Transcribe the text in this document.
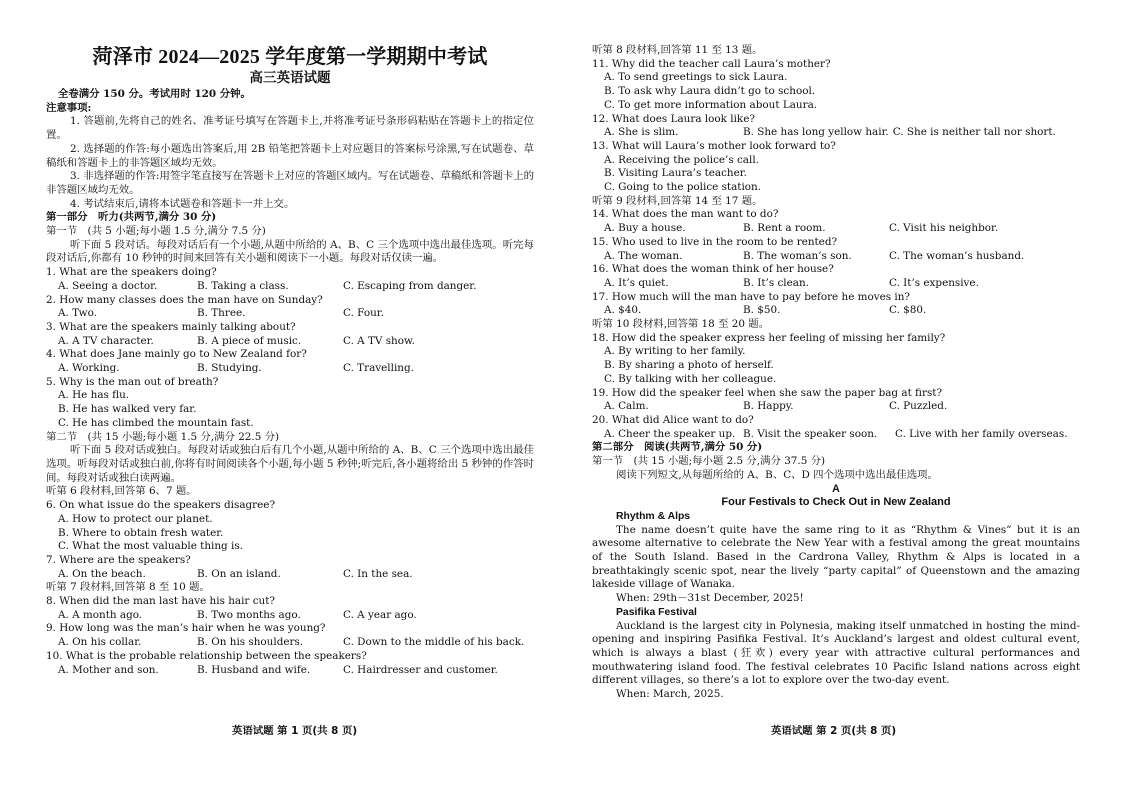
菏泽市 2024—2025 学年度第一学期期中考试
高三英语试题

全卷满分 150 分。考试用时 120 分钟。

注意事项:

1. 答题前,先将自己的姓名、准考证号填写在答题卡上,并将准考证号条形码粘贴在答题卡上的指定位置。

2. 选择题的作答:每小题选出答案后,用 2B 铅笔把答题卡上对应题目的答案标号涂黑,写在试题卷、草稿纸和答题卡上的非答题区域均无效。

3. 非选择题的作答:用签字笔直接写在答题卡上对应的答题区域内。写在试题卷、草稿纸和答题卡上的非答题区域均无效。

4. 考试结束后,请将本试题卷和答题卡一并上交。

第一部分　听力(共两节,满分 30 分)

第一节　(共 5 小题;每小题 1.5 分,满分 7.5 分)

听下面 5 段对话。每段对话后有一个小题,从题中所给的 A、B、C 三个选项中选出最佳选项。听完每段对话后,你都有 10 秒钟的时间来回答有关小题和阅读下一小题。每段对话仅读一遍。

1. What are the speakers doing?

A. Seeing a doctor.	B. Taking a class.	C. Escaping from danger.

2. How many classes does the man have on Sunday?

A. Two.	B. Three.	C. Four.

3. What are the speakers mainly talking about?

A. A TV character.	B. A piece of music.	C. A TV show.

4. What does Jane mainly go to New Zealand for?

A. Working.	B. Studying.	C. Travelling.

5. Why is the man out of breath?

A. He has flu.

B. He has walked very far.

C. He has climbed the mountain fast.

第二节　(共 15 小题;每小题 1.5 分,满分 22.5 分)

听下面 5 段对话或独白。每段对话或独白后有几个小题,从题中所给的 A、B、C 三个选项中选出最佳选项。听每段对话或独白前,你将有时间阅读各个小题,每小题 5 秒钟;听完后,各小题将给出 5 秒钟的作答时间。每段对话或独白读两遍。

听第 6 段材料,回答第 6、7 题。

6. On what issue do the speakers disagree?

A. How to protect our planet.

B. Where to obtain fresh water.

C. What the most valuable thing is.

7. Where are the speakers?

A. On the beach.	B. On an island.	C. In the sea.

听第 7 段材料,回答第 8 至 10 题。

8. When did the man last have his hair cut?

A. A month ago.	B. Two months ago.	C. A year ago.

9. How long was the man’s hair when he was young?

A. On his collar.	B. On his shoulders.	C. Down to the middle of his back.

10. What is the probable relationship between the speakers?

A. Mother and son.	B. Husband and wife.	C. Hairdresser and customer.

听第 8 段材料,回答第 11 至 13 题。

11. Why did the teacher call Laura’s mother?

A. To send greetings to sick Laura.

B. To ask why Laura didn’t go to school.

C. To get more information about Laura.

12. What does Laura look like?

A. She is slim.	B. She has long yellow hair. C. She is neither tall nor short.

13. What will Laura’s mother look forward to?

A. Receiving the police’s call.

B. Visiting Laura’s teacher.

C. Going to the police station.

听第 9 段材料,回答第 14 至 17 题。

14. What does the man want to do?

A. Buy a house.	B. Rent a room.	C. Visit his neighbor.

15. Who used to live in the room to be rented?

A. The woman.	B. The woman’s son.	C. The woman’s husband.

16. What does the woman think of her house?

A. It’s quiet.	B. It’s clean.	C. It’s expensive.

17. How much will the man have to pay before he moves in?

A. $40.	B. $50.	C. $80.

听第 10 段材料,回答第 18 至 20 题。

18. How did the speaker express her feeling of missing her family?

A. By writing to her family.

B. By sharing a photo of herself.

C. By talking with her colleague.

19. How did the speaker feel when she saw the paper bag at first?

A. Calm.	B. Happy.	C. Puzzled.

20. What did Alice want to do?

A. Cheer the speaker up. B. Visit the speaker soon.	C. Live with her family overseas.

第二部分　阅读(共两节,满分 50 分)

第一节　(共 15 小题;每小题 2.5 分,满分 37.5 分)

阅读下列短文,从每题所给的 A、B、C、D 四个选项中选出最佳选项。

A

Four Festivals to Check Out in New Zealand

Rhythm & Alps

The name doesn’t quite have the same ring to it as “Rhythm & Vines” but it is an awesome alternative to celebrate the New Year with a festival among the great mountains of the South Island. Based in the Cardrona Valley, Rhythm & Alps is located in a breathtakingly scenic spot, near the lively “party capital” of Queenstown and the amazing lakeside village of Wanaka.

When: 29th－31st December, 2025!

Pasifika Festival

Auckland is the largest city in Polynesia, making itself unmatched in hosting the mind-opening and inspiring Pasifika Festival. It’s Auckland’s largest and oldest cultural event, which is always a blast (狂欢) every year with attractive cultural performances and mouthwatering island food. The festival celebrates 10 Pacific Island nations across eight different villages, so there’s a lot to explore over the two-day event.

When: March, 2025.

英语试题 第 1 页(共 8 页)	英语试题 第 2 页(共 8 页)
